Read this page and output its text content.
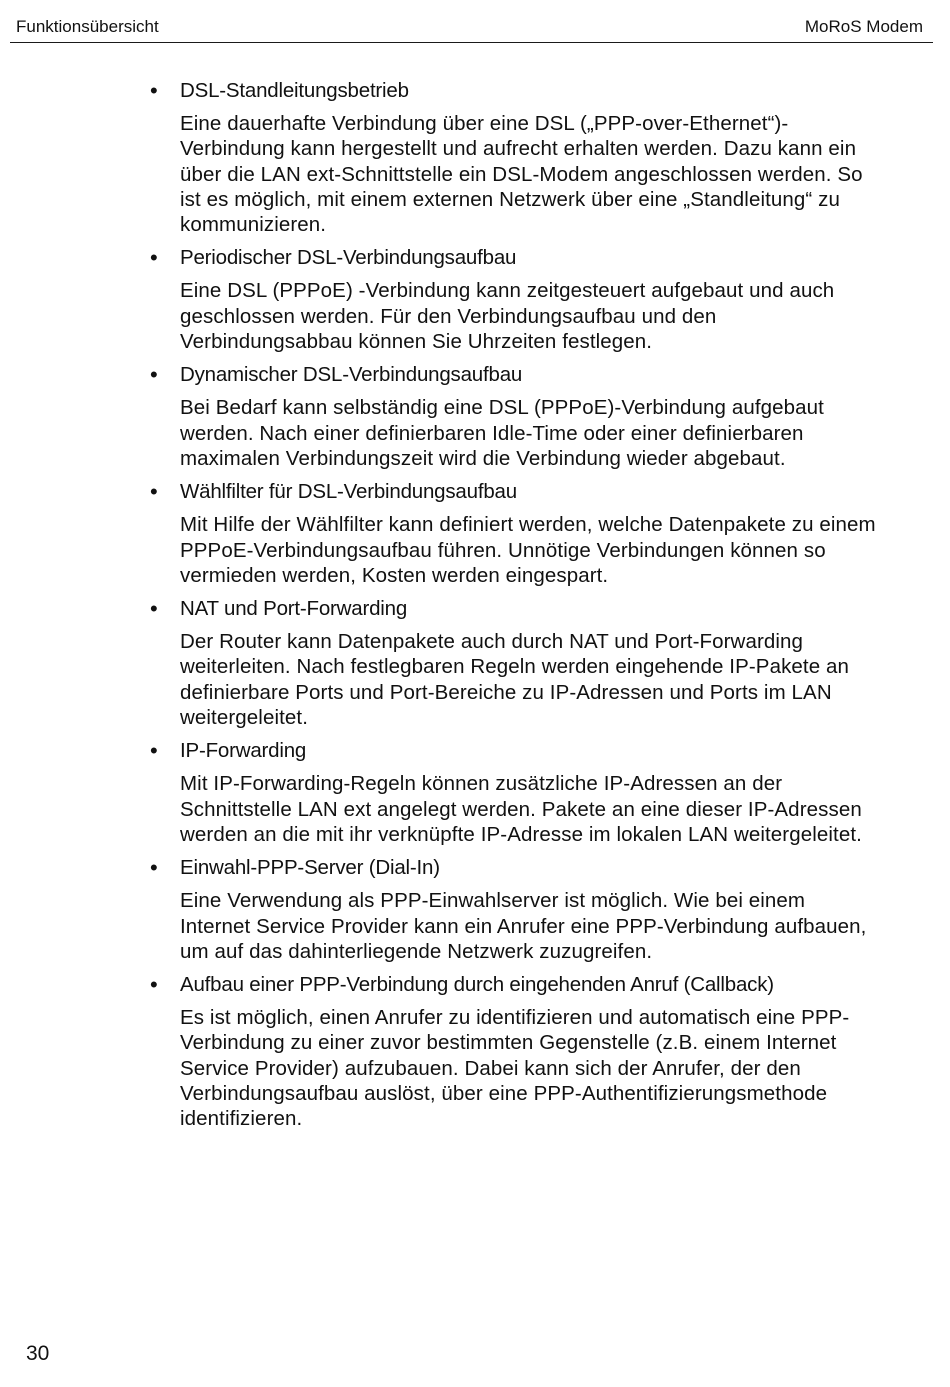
Funktionsübersicht	MoRoS Modem
• DSL-Standleitungsbetrieb
Eine dauerhafte Verbindung über eine DSL („PPP-over-Ethernet“)-Verbindung kann hergestellt und aufrecht erhalten werden. Dazu kann ein über die LAN ext-Schnittstelle ein DSL-Modem angeschlossen werden. So ist es möglich, mit einem externen Netzwerk über eine „Standleitung“ zu kommunizieren.
• Periodischer DSL-Verbindungsaufbau
Eine DSL (PPPoE) -Verbindung kann zeitgesteuert aufgebaut und auch geschlossen werden. Für den Verbindungsaufbau und den Verbindungsabbau können Sie Uhrzeiten festlegen.
• Dynamischer DSL-Verbindungsaufbau
Bei Bedarf kann selbständig eine DSL (PPPoE)-Verbindung aufgebaut werden. Nach einer definierbaren Idle-Time oder einer definierbaren maximalen Verbindungszeit wird die Verbindung wieder abgebaut.
• Wählfilter für DSL-Verbindungsaufbau
Mit Hilfe der Wählfilter kann definiert werden, welche Datenpakete zu einem PPPoE-Verbindungsaufbau führen. Unnötige Verbindungen können so vermieden werden, Kosten werden eingespart.
• NAT und Port-Forwarding
Der Router kann Datenpakete auch durch NAT und Port-Forwarding weiterleiten. Nach festlegbaren Regeln werden eingehende IP-Pakete an definierbare Ports und Port-Bereiche zu IP-Adressen und Ports im LAN weitergeleitet.
• IP-Forwarding
Mit IP-Forwarding-Regeln können zusätzliche IP-Adressen an der Schnittstelle LAN ext angelegt werden. Pakete an eine dieser IP-Adressen werden an die mit ihr verknüpfte IP-Adresse im lokalen LAN weitergeleitet.
• Einwahl-PPP-Server (Dial-In)
Eine Verwendung als PPP-Einwahlserver ist möglich. Wie bei einem Internet Service Provider kann ein Anrufer eine PPP-Verbindung aufbauen, um auf das dahinterliegende Netzwerk zuzugreifen.
• Aufbau einer PPP-Verbindung durch eingehenden Anruf (Callback)
Es ist möglich, einen Anrufer zu identifizieren und automatisch eine PPP-Verbindung zu einer zuvor bestimmten Gegenstelle (z.B. einem Internet Service Provider) aufzubauen. Dabei kann sich der Anrufer, der den Verbindungsaufbau auslöst, über eine PPP-Authentifizierungsmethode identifizieren.
30
